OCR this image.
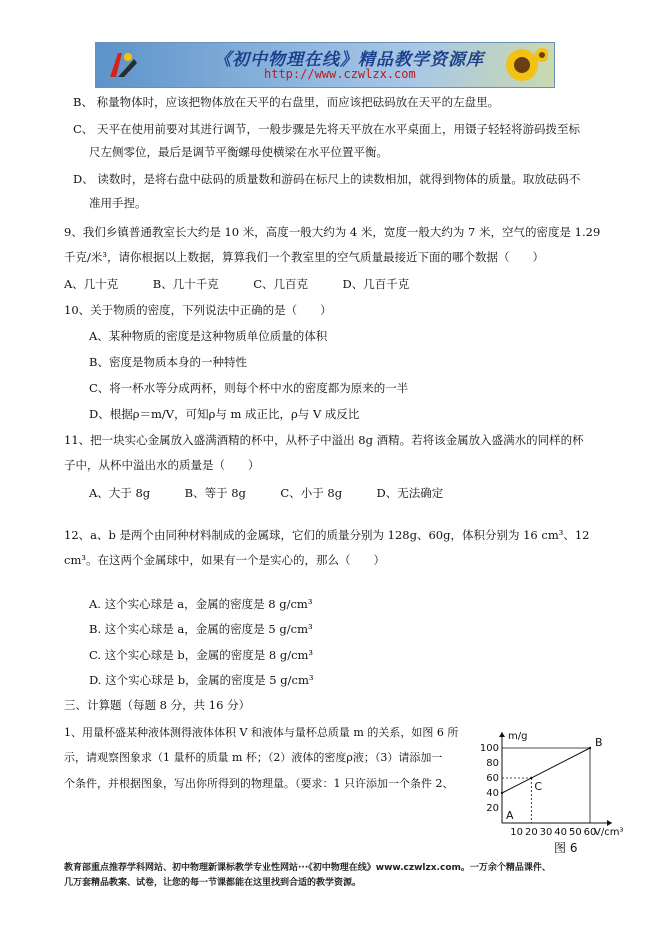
《初中物理在线》精品教学资源库
http://www.czwlzx.com
B、 称量物体时，应该把物体放在天平的右盘里，而应该把砝码放在天平的左盘里。
C、 天平在使用前要对其进行调节，一般步骤是先将天平放在水平桌面上，用镊子轻轻将游码拨至标
尺左侧零位，最后是调节平衡螺母使横梁在水平位置平衡。
D、 读数时，是将右盘中砝码的质量数和游码在标尺上的读数相加，就得到物体的质量。取放砝码不
准用手捏。
9、我们乡镇普通教室长大约是 10 米，高度一般大约为 4 米，宽度一般大约为 7 米，空气的密度是 1.29
千克/米³，请你根据以上数据，算算我们一个教室里的空气质量最接近下面的哪个数据（　　）
A、几十克　　　B、几十千克　　　C、几百克　　　D、几百千克
10、关于物质的密度，下列说法中正确的是（　　）
A、某种物质的密度是这种物质单位质量的体积
B、密度是物质本身的一种特性
C、将一杯水等分成两杯，则每个杯中水的密度都为原来的一半
D、根据ρ＝m/V，可知ρ与 m 成正比，ρ与 V 成反比
11、把一块实心金属放入盛满酒精的杯中，从杯子中溢出 8g 酒精。若将该金属放入盛满水的同样的杯
子中，从杯中溢出水的质量是（　　）
A、大于 8g　　　B、等于 8g　　　C、小于 8g　　　D、无法确定
12、a、b 是两个由同种材料制成的金属球，它们的质量分别为 128g、60g，体积分别为 16 cm³、12
cm³。在这两个金属球中，如果有一个是实心的，那么（　　）
A. 这个实心球是 a，金属的密度是 8 g/cm³
B. 这个实心球是 a，金属的密度是 5 g/cm³
C. 这个实心球是 b，金属的密度是 8 g/cm³
D. 这个实心球是 b，金属的密度是 5 g/cm³
三、计算题（每题 8 分，共 16 分）
1、用量杯盛某种液体测得液体体积 V 和液体与量杯总质量 m 的关系，如图 6 所
示，请观察图象求（1 量杯的质量 m 杯；（2）液体的密度ρ液；（3）请添加一
个条件，并根据图象，写出你所得到的物理量。（要求：1 只许添加一个条件 2、
m/g
V/cm³
20
40
60
80
100
10 20 30 40 50 60
A
C
B
图 6
教育部重点推荐学科网站、初中物理新课标教学专业性网站···《初中物理在线》www.czwlzx.com。一万余个精品课件、
几万套精品教案、试卷，让您的每一节课都能在这里找到合适的教学资源。
